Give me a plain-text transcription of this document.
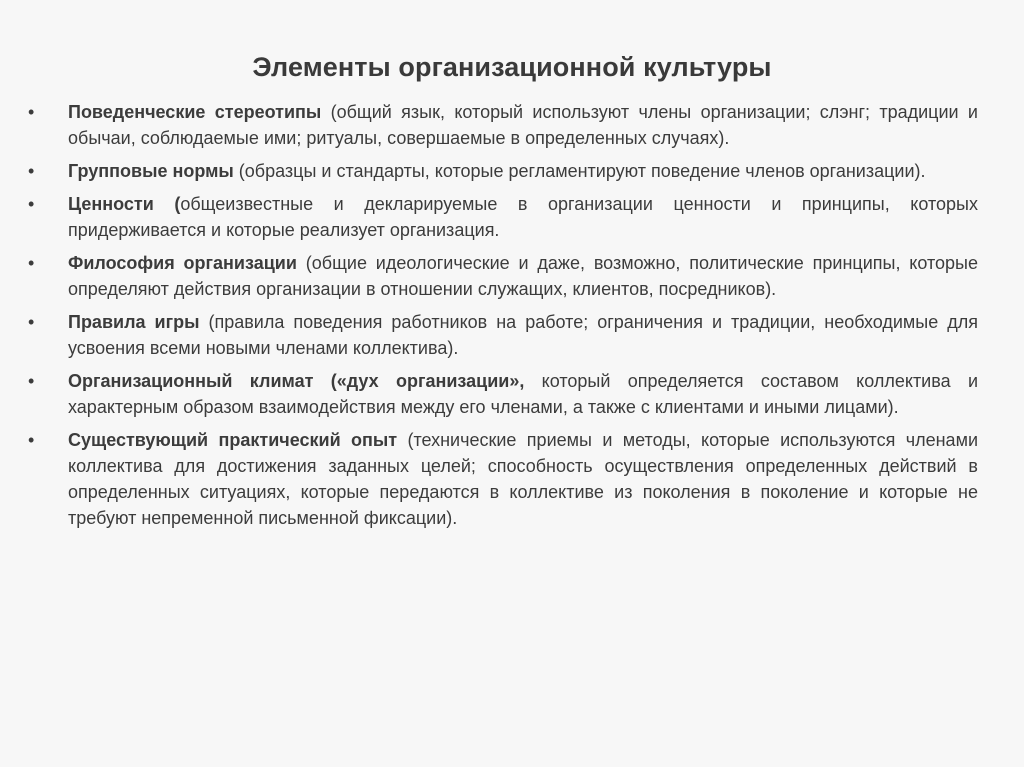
Элементы организационной культуры
• Поведенческие стереотипы (общий язык, который используют члены организации; слэнг; традиции и обычаи, соблюдаемые ими; ритуалы, совершаемые в определенных случаях).
• Групповые нормы (образцы и стандарты, которые регламентируют поведение членов организации).
• Ценности (общеизвестные и декларируемые в организации ценности и принципы, которых придерживается и которые реализует организация.
• Философия организации (общие идеологические и даже, возможно, политические принципы, которые определяют действия организации в отношении служащих, клиентов, посредников).
• Правила игры (правила поведения работников на работе; ограничения и традиции, необходимые для усвоения всеми новыми членами коллектива).
• Организационный климат («дух организации», который определяется составом коллектива и характерным образом взаимодействия между его членами, а также с клиентами и иными лицами).
• Существующий практический опыт (технические приемы и методы, которые используются членами коллектива для достижения заданных целей; способность осуществления определенных действий в определенных ситуациях, которые передаются в коллективе из поколения в поколение и которые не требуют непременной письменной фиксации).
